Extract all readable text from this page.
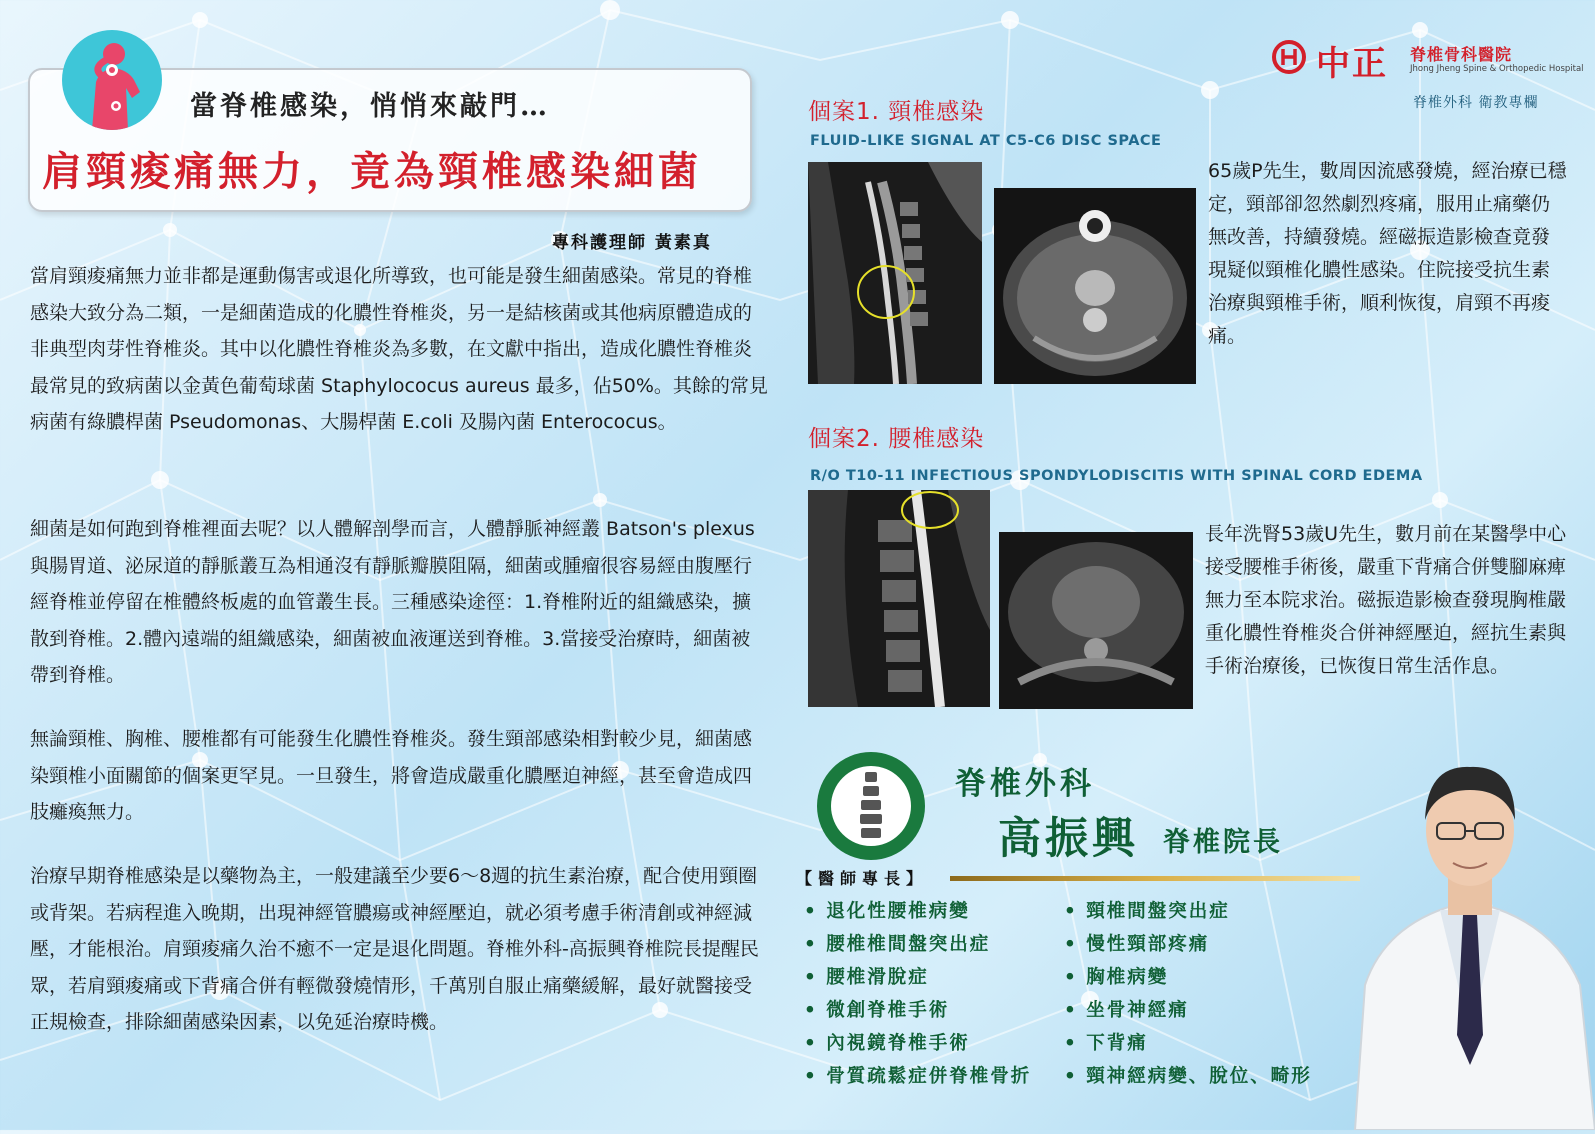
當脊椎感染，悄悄來敲門…
肩頸痠痛無力，竟為頸椎感染細菌
專科護理師 黃素真
當肩頸痠痛無力並非都是運動傷害或退化所導致，也可能是發生細菌感染。常見的脊椎感染大致分為二類，一是細菌造成的化膿性脊椎炎，另一是結核菌或其他病原體造成的非典型肉芽性脊椎炎。其中以化膿性脊椎炎為多數，在文獻中指出，造成化膿性脊椎炎最常見的致病菌以金黃色葡萄球菌 Staphylococus aureus 最多，佔50%。其餘的常見病菌有綠膿桿菌 Pseudomonas、大腸桿菌 E.coli 及腸內菌 Enterococus。
細菌是如何跑到脊椎裡面去呢？以人體解剖學而言，人體靜脈神經叢 Batson's plexus 與腸胃道、泌尿道的靜脈叢互為相通沒有靜脈瓣膜阻隔，細菌或腫瘤很容易經由腹壓行經脊椎並停留在椎體終板處的血管叢生長。三種感染途徑：1.脊椎附近的組織感染，擴散到脊椎。2.體內遠端的組織感染，細菌被血液運送到脊椎。3.當接受治療時，細菌被帶到脊椎。
無論頸椎、胸椎、腰椎都有可能發生化膿性脊椎炎。發生頸部感染相對較少見，細菌感染頸椎小面關節的個案更罕見。一旦發生，將會造成嚴重化膿壓迫神經，甚至會造成四肢癱瘓無力。
治療早期脊椎感染是以藥物為主，一般建議至少要6～8週的抗生素治療，配合使用頸圈或背架。若病程進入晚期，出現神經管膿瘍或神經壓迫，就必須考慮手術清創或神經減壓，才能根治。肩頸痠痛久治不癒不一定是退化問題。脊椎外科-高振興脊椎院長提醒民眾，若肩頸痠痛或下背痛合併有輕微發燒情形，千萬別自服止痛藥緩解，最好就醫接受正規檢查，排除細菌感染因素，以免延治療時機。
中正 脊椎骨科醫院
Jhong Jheng Spine & Orthopedic Hospital
脊椎外科 衛教專欄
個案1. 頸椎感染
FLUID-LIKE SIGNAL AT C5-C6 DISC SPACE
65歲P先生，數周因流感發燒，經治療已穩定，頸部卻忽然劇烈疼痛，服用止痛藥仍無改善，持續發燒。經磁振造影檢查竟發現疑似頸椎化膿性感染。住院接受抗生素治療與頸椎手術，順利恢復，肩頸不再痠痛。
個案2. 腰椎感染
R/O T10-11 INFECTIOUS SPONDYLODISCITIS WITH SPINAL CORD EDEMA
長年洗腎53歲U先生，數月前在某醫學中心接受腰椎手術後，嚴重下背痛合併雙腳麻痺無力至本院求治。磁振造影檢查發現胸椎嚴重化膿性脊椎炎合併神經壓迫，經抗生素與手術治療後，已恢復日常生活作息。
脊椎外科
高振興 脊椎院長
【醫師專長】
• 退化性腰椎病變
• 腰椎椎間盤突出症
• 腰椎滑脫症
• 微創脊椎手術
• 內視鏡脊椎手術
• 骨質疏鬆症併脊椎骨折
• 頸椎間盤突出症
• 慢性頸部疼痛
• 胸椎病變
• 坐骨神經痛
• 下背痛
• 頸神經病變、脫位、畸形
